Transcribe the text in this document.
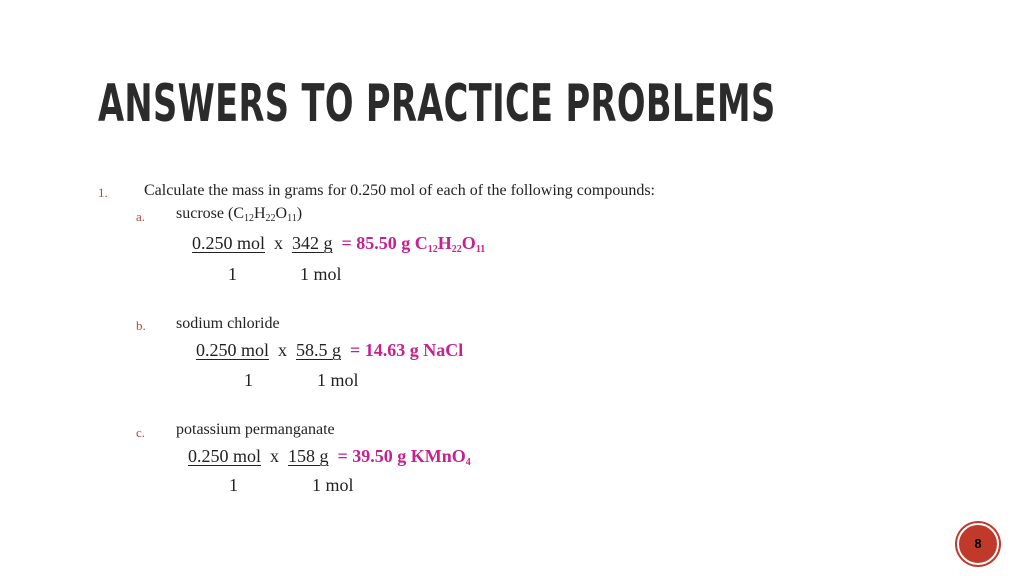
ANSWERS TO PRACTICE PROBLEMS
1. Calculate the mass in grams for 0.250 mol of each of the following compounds:
a. sucrose $(C_{12}H_{22}O_{11})$
0.250 mol x 342 g = 85.50 g $C_{12}H_{22}O_{11}$
1	1 mol
b. sodium chloride
0.250 mol x 58.5 g = 14.63 g NaCl
1	1 mol
c. potassium permanganate
0.250 mol x 158 g = 39.50 g KMnO$_4$
1	1 mol
8
